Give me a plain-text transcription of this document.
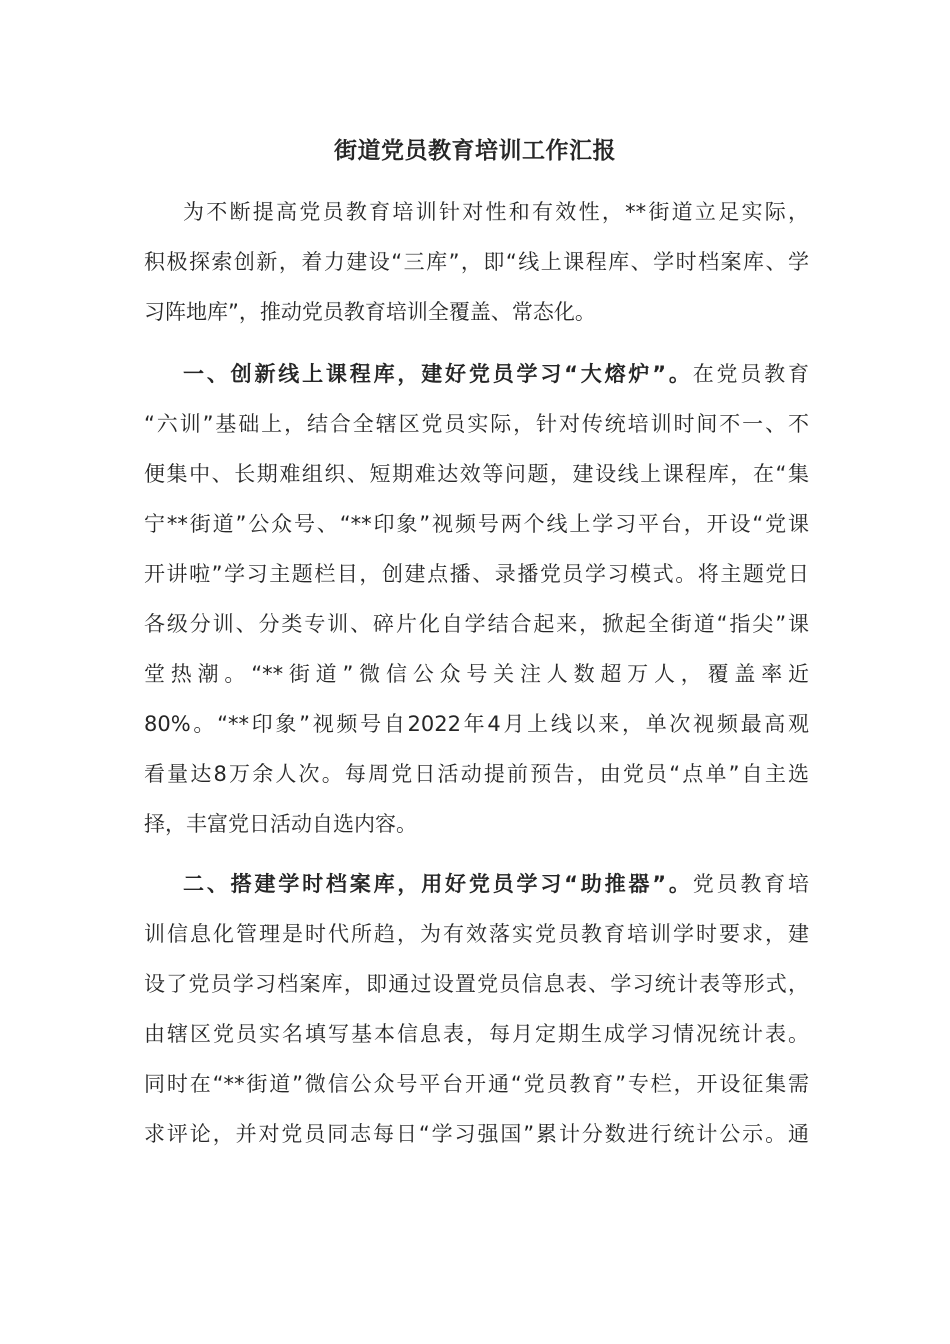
街道党员教育培训工作汇报
为不断提高党员教育培训针对性和有效性，**街道立足实际，
积极探索创新，着力建设“三库”，即“线上课程库、学时档案库、学
习阵地库”，推动党员教育培训全覆盖、常态化。
一、创新线上课程库，建好党员学习“大熔炉”。在党员教育
“六训”基础上，结合全辖区党员实际，针对传统培训时间不一、不
便集中、长期难组织、短期难达效等问题，建设线上课程库，在“集
宁**街道”公众号、“**印象”视频号两个线上学习平台，开设“党课
开讲啦”学习主题栏目，创建点播、录播党员学习模式。将主题党日
各级分训、分类专训、碎片化自学结合起来，掀起全街道“指尖”课
堂热潮。“**街道”微信公众号关注人数超万人，覆盖率近
80%。“**印象”视频号自2022年4月上线以来，单次视频最高观
看量达8万余人次。每周党日活动提前预告，由党员“点单”自主选
择，丰富党日活动自选内容。
二、搭建学时档案库，用好党员学习“助推器”。党员教育培
训信息化管理是时代所趋，为有效落实党员教育培训学时要求，建
设了党员学习档案库，即通过设置党员信息表、学习统计表等形式，
由辖区党员实名填写基本信息表，每月定期生成学习情况统计表。
同时在“**街道”微信公众号平台开通“党员教育”专栏，开设征集需
求评论，并对党员同志每日“学习强国”累计分数进行统计公示。通
